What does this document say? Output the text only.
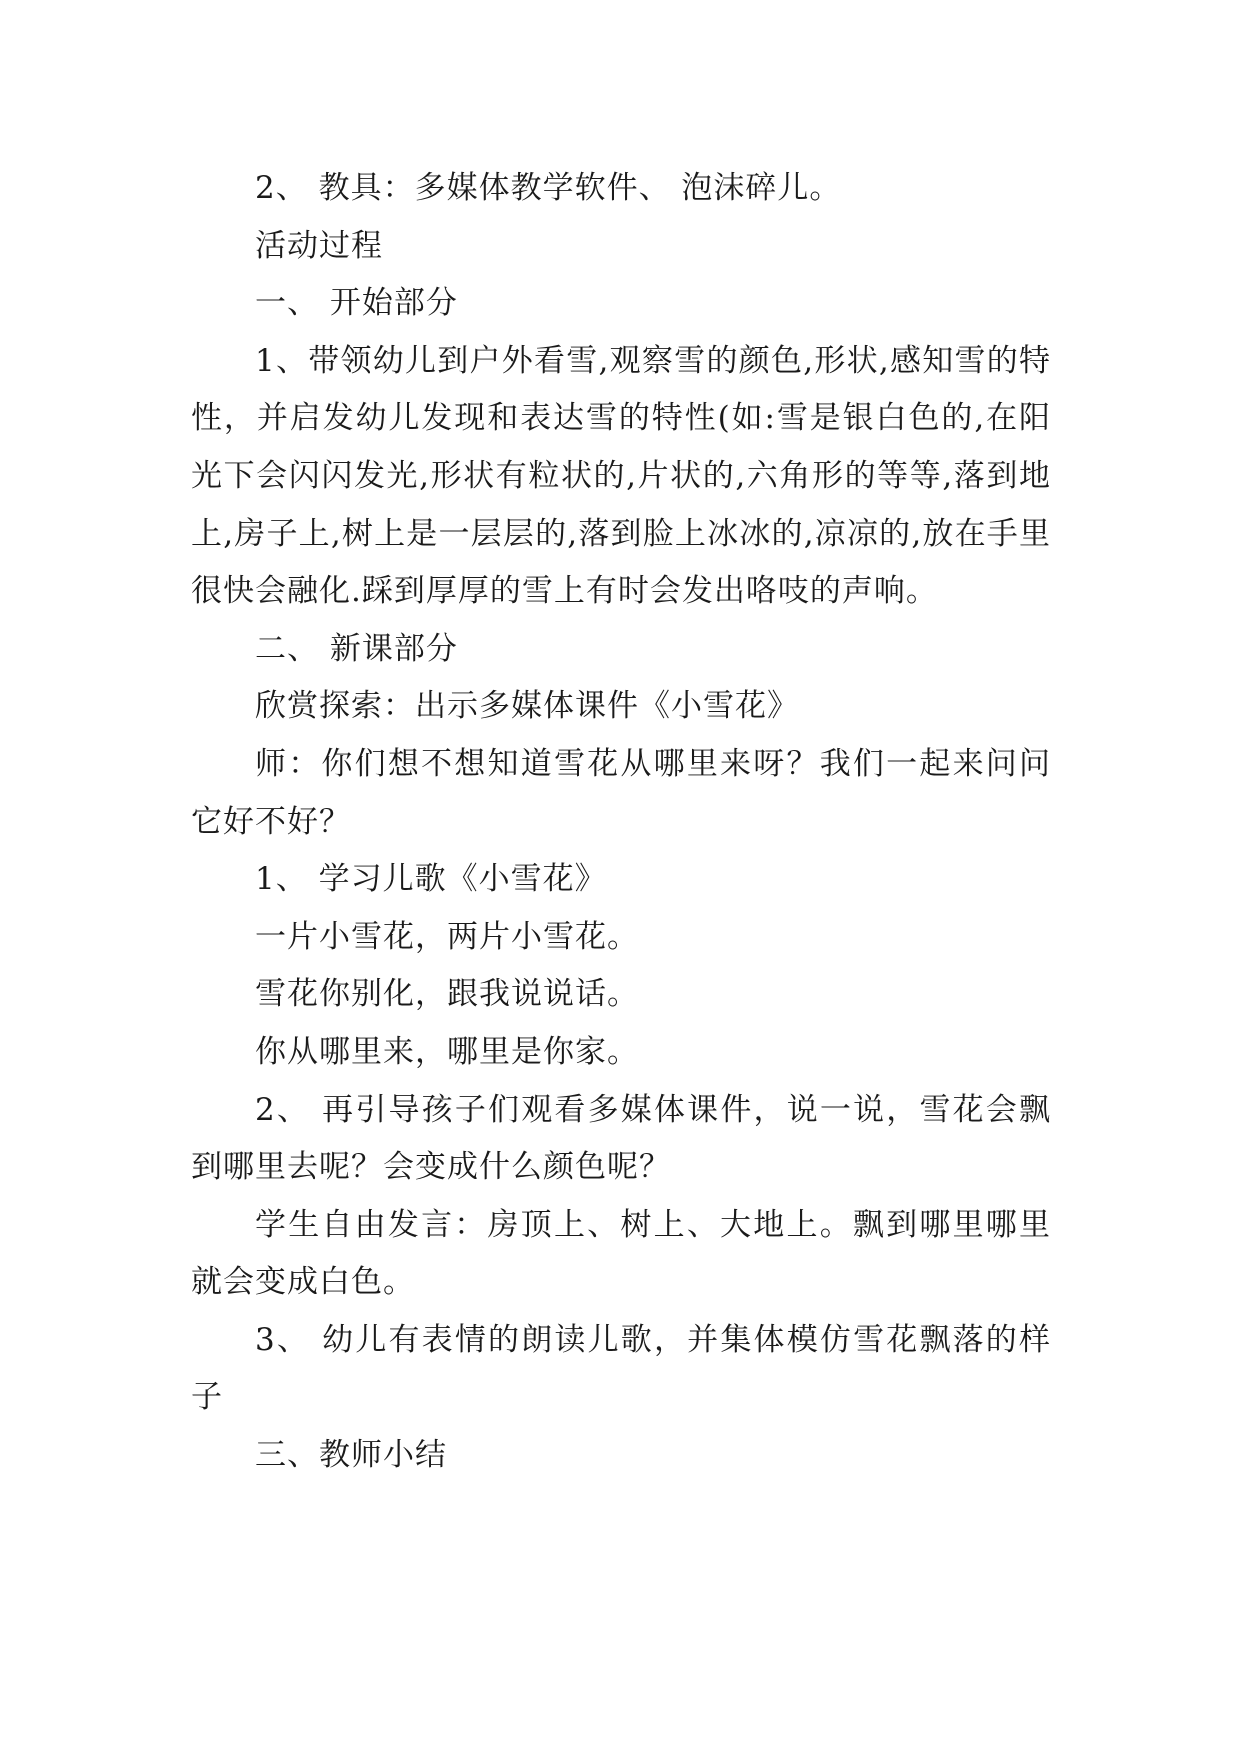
2、 教具：多媒体教学软件、 泡沫碎儿。

活动过程

一、 开始部分

1、带领幼儿到户外看雪,观察雪的颜色,形状,感知雪的特性，并启发幼儿发现和表达雪的特性(如:雪是银白色的,在阳光下会闪闪发光,形状有粒状的,片状的,六角形的等等,落到地上,房子上,树上是一层层的,落到脸上冰冰的,凉凉的,放在手里很快会融化.踩到厚厚的雪上有时会发出咯吱的声响。

二、 新课部分

欣赏探索：出示多媒体课件《小雪花》

师：你们想不想知道雪花从哪里来呀？我们一起来问问它好不好？

1、 学习儿歌《小雪花》

一片小雪花，两片小雪花。

雪花你别化，跟我说说话。

你从哪里来，哪里是你家。

2、 再引导孩子们观看多媒体课件，说一说，雪花会飘到哪里去呢？会变成什么颜色呢？

学生自由发言：房顶上、树上、大地上。飘到哪里哪里就会变成白色。

3、 幼儿有表情的朗读儿歌，并集体模仿雪花飘落的样子

三、教师小结
